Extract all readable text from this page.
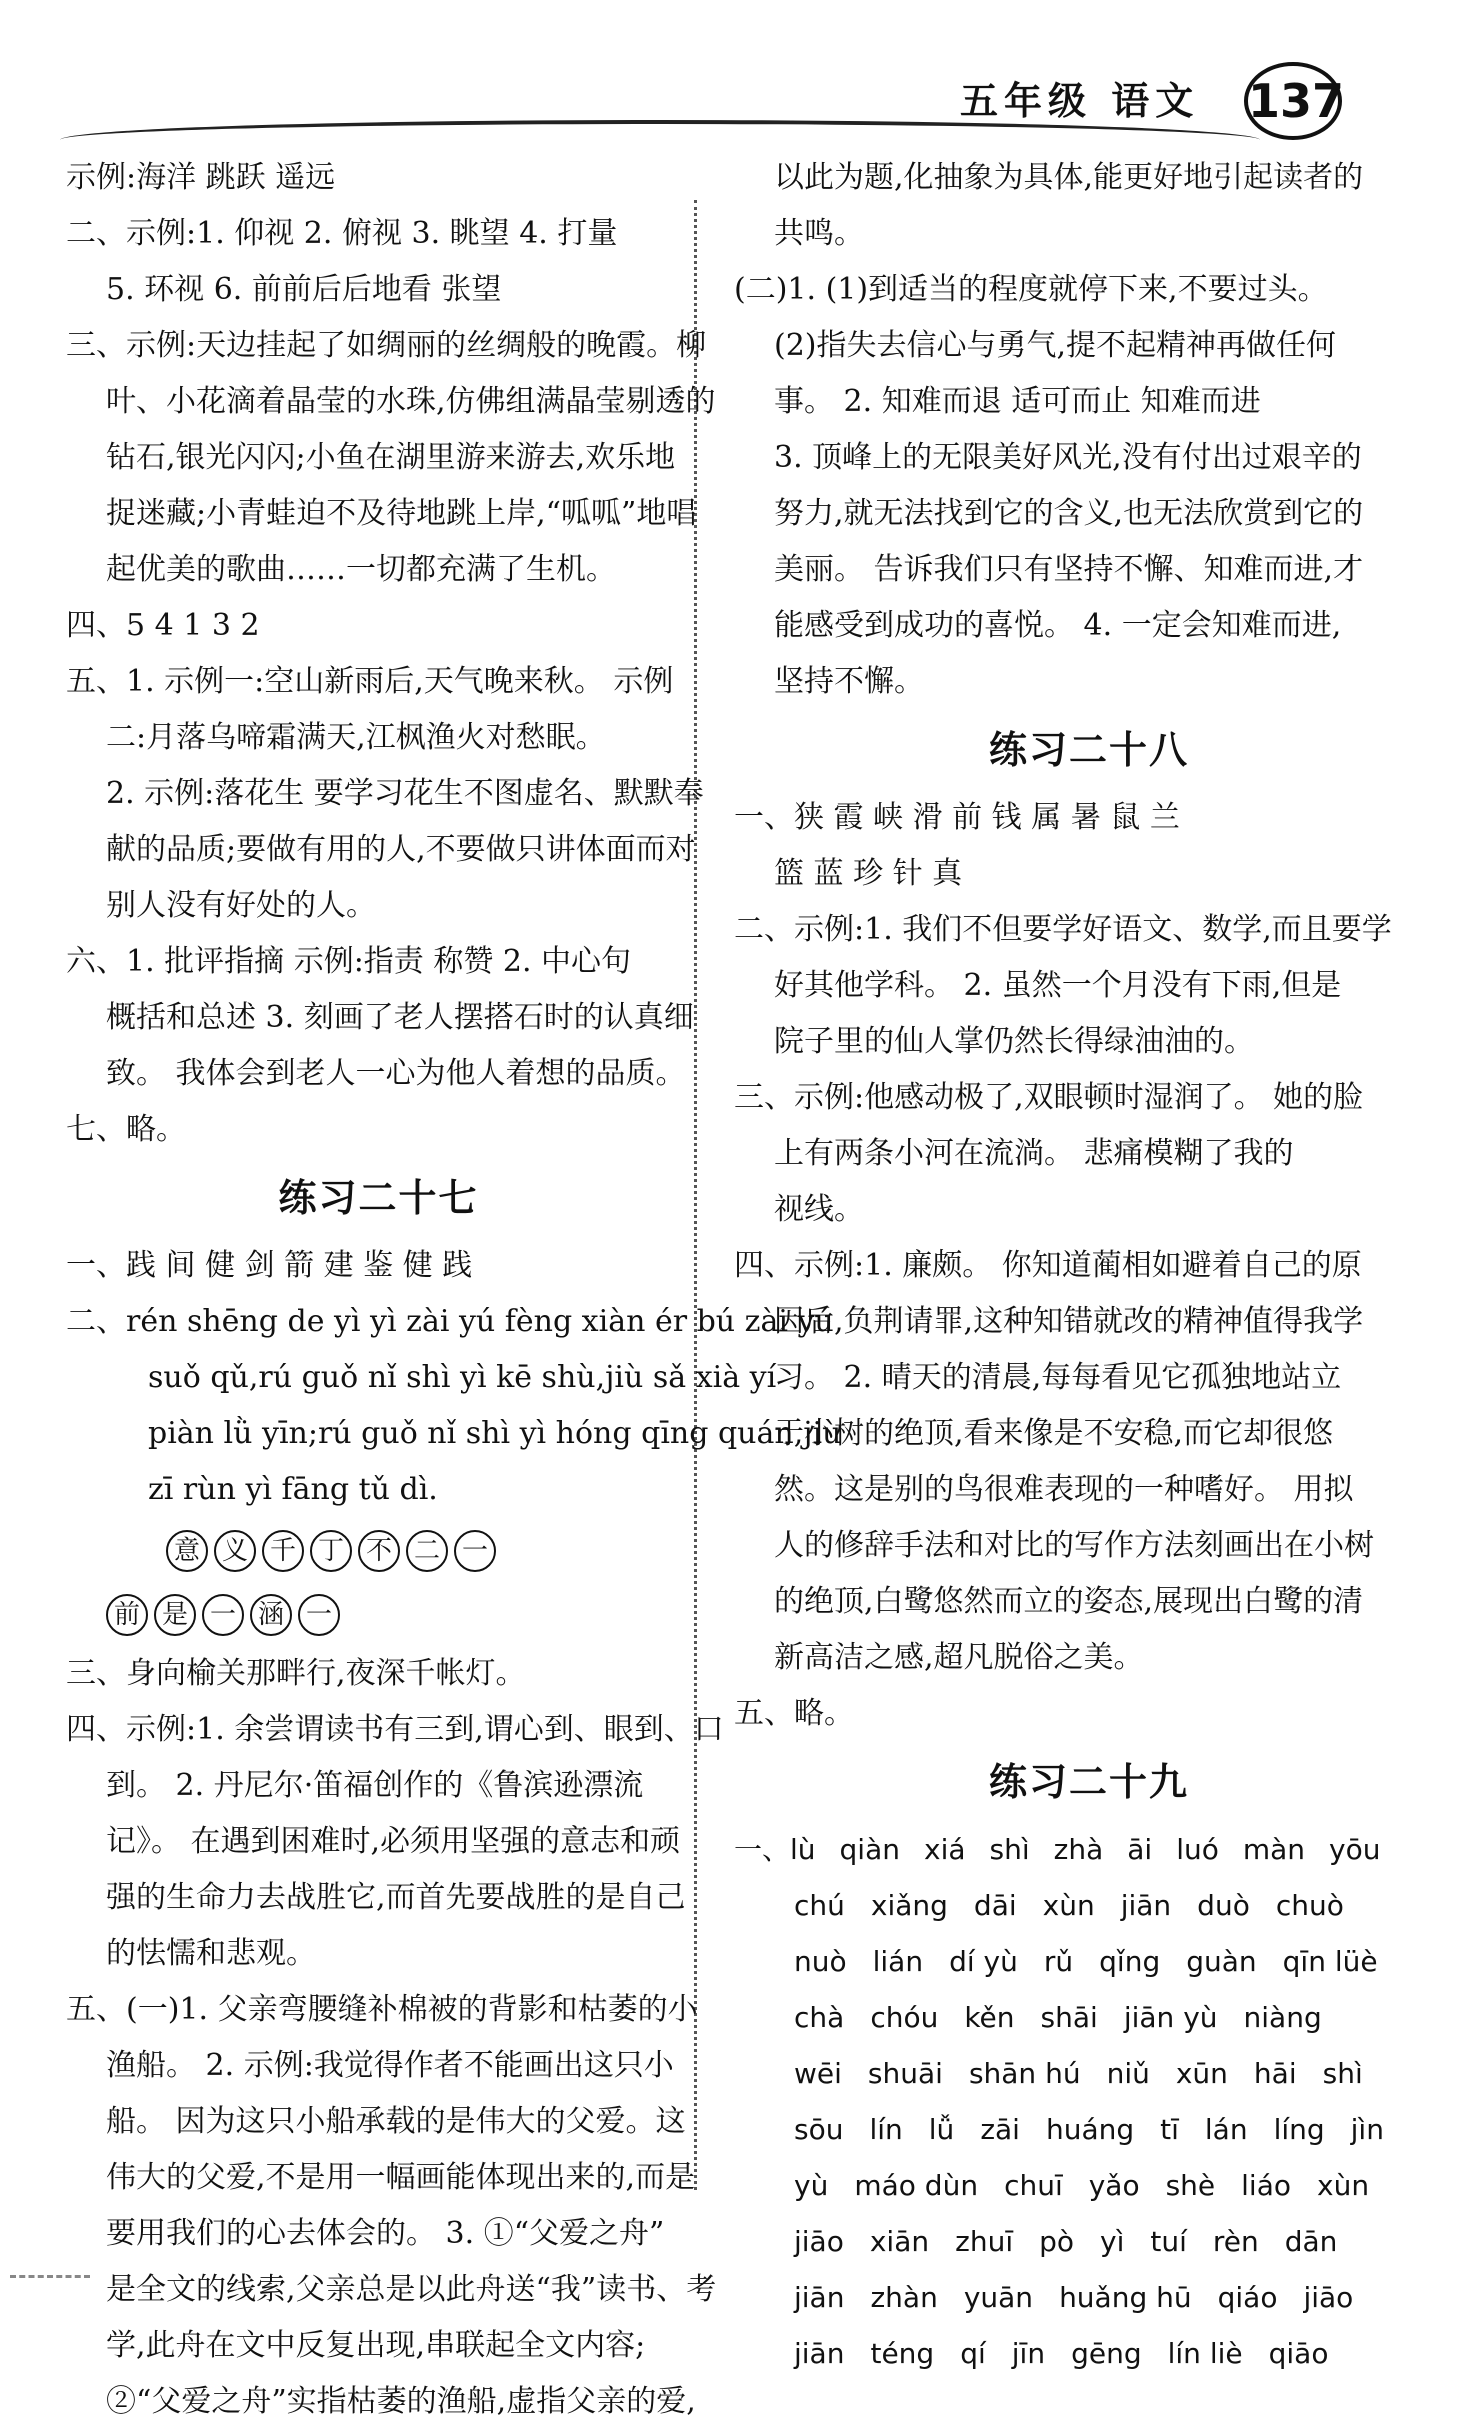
五年级 语文 137
示例:海洋 跳跃 遥远
二、示例:1. 仰视 2. 俯视 3. 眺望 4. 打量
5. 环视 6. 前前后后地看 张望
三、示例:天边挂起了如绸丽的丝绸般的晚霞。柳
叶、小花滴着晶莹的水珠,仿佛组满晶莹剔透的
钻石,银光闪闪;小鱼在湖里游来游去,欢乐地
捉迷藏;小青蛙迫不及待地跳上岸,“呱呱”地唱
起优美的歌曲……一切都充满了生机。
四、5 4 1 3 2
五、1. 示例一:空山新雨后,天气晚来秋。 示例
二:月落乌啼霜满天,江枫渔火对愁眠。
2. 示例:落花生 要学习花生不图虚名、默默奉
献的品质;要做有用的人,不要做只讲体面而对
别人没有好处的人。
六、1. 批评指摘 示例:指责 称赞 2. 中心句
概括和总述 3. 刻画了老人摆搭石时的认真细
致。 我体会到老人一心为他人着想的品质。
七、略。
练习二十七
一、践 间 健 剑 箭 建 鉴 健 践
二、rén shēng de yì yì zài yú fèng xiàn ér bú zài yú
suǒ qǔ,rú guǒ nǐ shì yì kē shù,jiù sǎ xià yí
piàn lǜ yīn;rú guǒ nǐ shì yì hóng qīng quán,jiù
zī rùn yì fāng tǔ dì.
意 义 千 丁 不 二 一
前 是 一 涵 一
三、身向榆关那畔行,夜深千帐灯。
四、示例:1. 余尝谓读书有三到,谓心到、眼到、口
到。 2. 丹尼尔·笛福创作的《鲁滨逊漂流
记》。 在遇到困难时,必须用坚强的意志和顽
强的生命力去战胜它,而首先要战胜的是自己
的怯懦和悲观。
五、(一)1. 父亲弯腰缝补棉被的背影和枯萎的小
渔船。 2. 示例:我觉得作者不能画出这只小
船。 因为这只小船承载的是伟大的父爱。这
伟大的父爱,不是用一幅画能体现出来的,而是
要用我们的心去体会的。 3. ①“父爱之舟”
是全文的线索,父亲总是以此舟送“我”读书、考
学,此舟在文中反复出现,串联起全文内容;
②“父爱之舟”实指枯萎的渔船,虚指父亲的爱,
以此为题,化抽象为具体,能更好地引起读者的
共鸣。
(二)1. (1)到适当的程度就停下来,不要过头。
(2)指失去信心与勇气,提不起精神再做任何
事。 2. 知难而退 适可而止 知难而进
3. 顶峰上的无限美好风光,没有付出过艰辛的
努力,就无法找到它的含义,也无法欣赏到它的
美丽。 告诉我们只有坚持不懈、知难而进,才
能感受到成功的喜悦。 4. 一定会知难而进,
坚持不懈。
练习二十八
一、狭 霞 峡 滑 前 钱 属 暑 鼠 兰
篮 蓝 珍 针 真
二、示例:1. 我们不但要学好语文、数学,而且要学
好其他学科。 2. 虽然一个月没有下雨,但是
院子里的仙人掌仍然长得绿油油的。
三、示例:他感动极了,双眼顿时湿润了。 她的脸
上有两条小河在流淌。 悲痛模糊了我的
视线。
四、示例:1. 廉颇。 你知道蔺相如避着自己的原
因后,负荆请罪,这种知错就改的精神值得我学
习。 2. 晴天的清晨,每每看见它孤独地站立
于小树的绝顶,看来像是不安稳,而它却很悠
然。这是别的鸟很难表现的一种嗜好。 用拟
人的修辞手法和对比的写作方法刻画出在小树
的绝顶,白鹭悠然而立的姿态,展现出白鹭的清
新高洁之感,超凡脱俗之美。
五、略。
练习二十九
一、lù qiàn xiá shì zhà āi luó màn yōu
chú xiǎng dāi xùn jiān duò chuò
nuò lián dí yù rǔ qǐng guàn qīn lüè
chà chóu kěn shāi jiān yù niàng
wēi shuāi shān hú niǔ xūn hāi shì
sōu lín lǚ zāi huáng tī lán líng jìn
yù máo dùn chuī yǎo shè liáo xùn
jiāo xiān zhuī pò yì tuí rèn dān
jiān zhàn yuān huǎng hū qiáo jiāo
jiān téng qí jīn gēng lín liè qiāo
